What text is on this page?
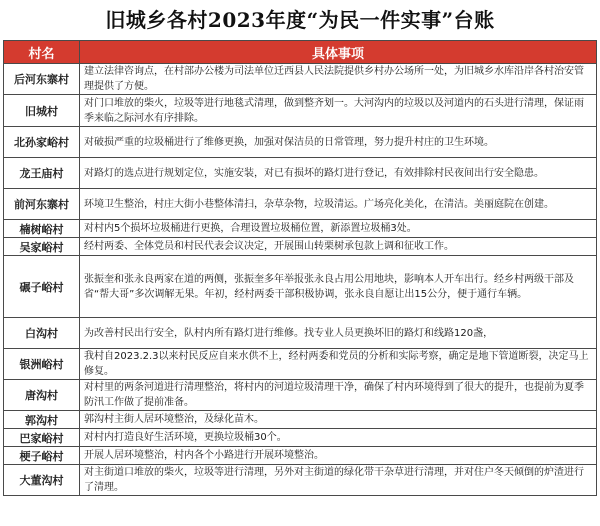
旧城乡各村2023年度“为民一件实事”台账
村名	具体事项
后河东寨村	建立法律咨询点，在村部办公楼为司法单位迁西县人民法院提供乡村办公场所一处，为旧城乡水库沿岸各村治安管理提供了方便。
旧城村	对门口堆放的柴火，垃圾等进行地毯式清理，做到整齐划一。大河沟内的垃圾以及河道内的石头进行清理，保证雨季来临之际河水有序排除。
北孙家峪村	对破损严重的垃圾桶进行了维修更换，加强对保洁员的日常管理，努力提升村庄的卫生环境。
龙王庙村	对路灯的选点进行规划定位，实施安装，对已有损坏的路灯进行登记，有效排除村民夜间出行安全隐患。
前河东寨村	环境卫生整治，村庄大街小巷整体清扫，杂草杂物，垃圾清运。广场亮化美化，在清洁。美丽庭院在创建。
楠树峪村	对村内5个损坏垃圾桶进行更换，合理设置垃圾桶位置，新添置垃圾桶3处。
吴家峪村	经村两委、全体党员和村民代表会议决定，开展围山转栗树承包款上调和征收工作。
碾子峪村	张振奎和张永良两家在道的两侧，张振奎多年举报张永良占用公用地块，影响本人开车出行。经乡村两级干部及省“帮大哥”多次调解无果。年初，经村两委干部积极协调，张永良自愿让出15公分，便于通行车辆。
白沟村	为改善村民出行安全，队村内所有路灯进行维修。找专业人员更换坏旧的路灯和线路120盏，
银洲峪村	我村自2023.2.3以来村民反应自来水供不上，经村两委和党员的分析和实际考察，确定是地下管道断裂，决定马上修复。
唐沟村	对村里的两条河道进行清理整治，将村内的河道垃圾清理干净，确保了村内环境得到了很大的提升，也提前为夏季防汛工作做了提前准备。
郭沟村	郭沟村主街人居环境整治，及绿化苗木。
巴家峪村	对村内打造良好生活环境，更换垃圾桶30个。
梗子峪村	开展人居环境整治，村内各个小路进行开展环境整治。
大董沟村	对主街道口堆放的柴火，垃圾等进行清理，另外对主街道的绿化带干杂草进行清理，并对住户冬天倾倒的炉渣进行了清理。
